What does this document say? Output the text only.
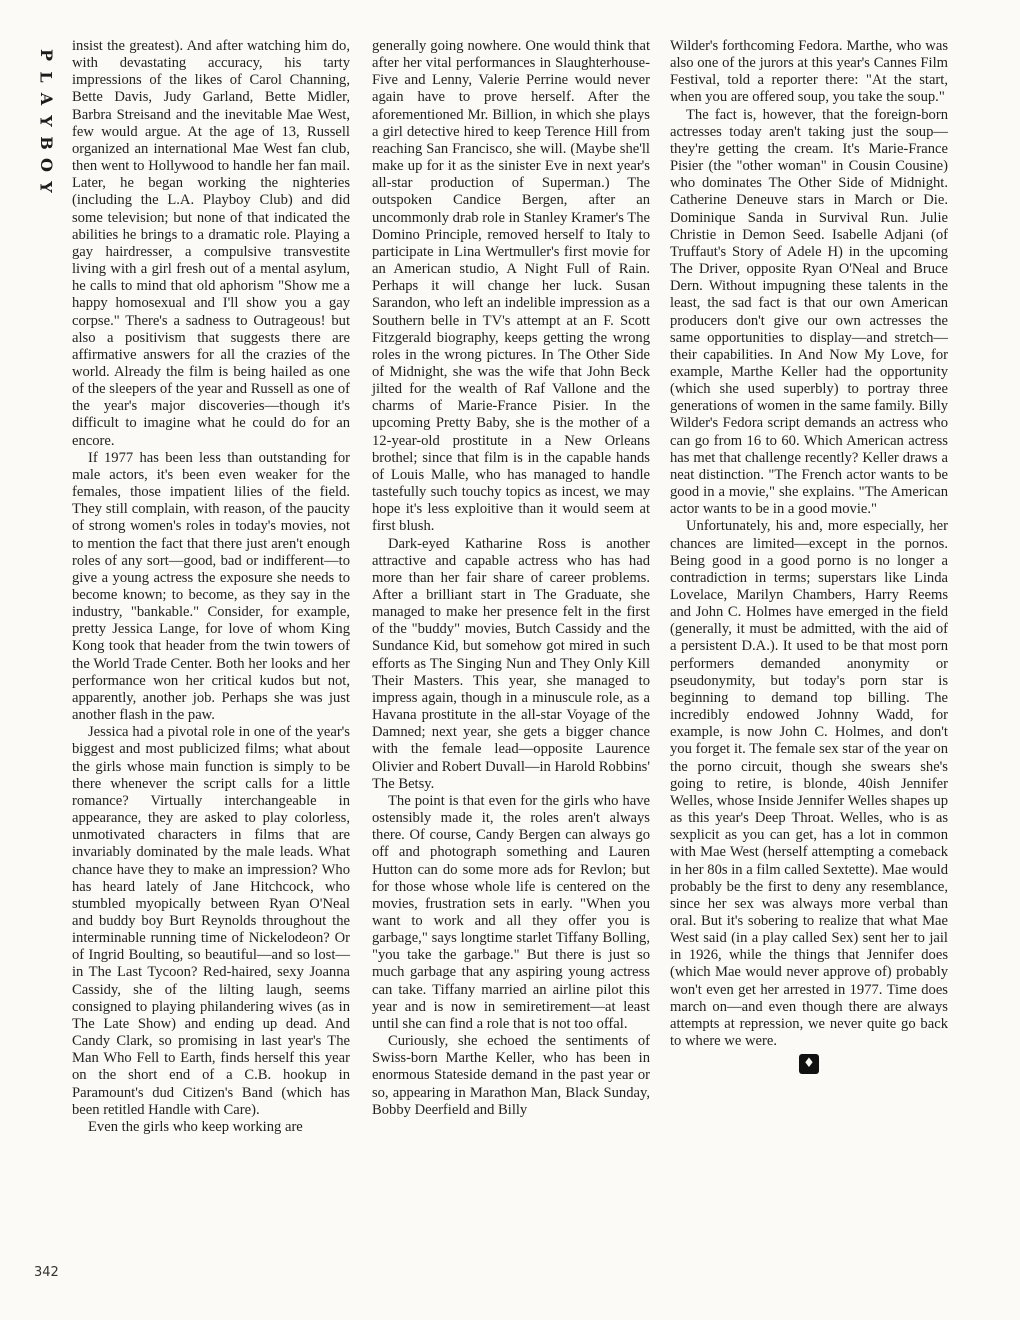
P
L
A
Y
B
O
Y

insist the greatest). And after watching him do, with devastating accuracy, his tarty impressions of the likes of Carol Channing, Bette Davis, Judy Garland, Bette Midler, Barbra Streisand and the inevitable Mae West, few would argue. At the age of 13, Russell organized an international Mae West fan club, then went to Hollywood to handle her fan mail. Later, he began working the nighteries (including the L.A. Playboy Club) and did some television; but none of that indicated the abilities he brings to a dramatic role. Playing a gay hairdresser, a compulsive transvestite living with a girl fresh out of a mental asylum, he calls to mind that old aphorism "Show me a happy homosexual and I'll show you a gay corpse." There's a sadness to Outrageous! but also a positivism that suggests there are affirmative answers for all the crazies of the world. Already the film is being hailed as one of the sleepers of the year and Russell as one of the year's major discoveries—though it's difficult to imagine what he could do for an encore.

If 1977 has been less than outstanding for male actors, it's been even weaker for the females, those impatient lilies of the field. They still complain, with reason, of the paucity of strong women's roles in today's movies, not to mention the fact that there just aren't enough roles of any sort—good, bad or indifferent—to give a young actress the exposure she needs to become known; to become, as they say in the industry, "bankable." Consider, for example, pretty Jessica Lange, for love of whom King Kong took that header from the twin towers of the World Trade Center. Both her looks and her performance won her critical kudos but not, apparently, another job. Perhaps she was just another flash in the paw.

Jessica had a pivotal role in one of the year's biggest and most publicized films; what about the girls whose main function is simply to be there whenever the script calls for a little romance? Virtually interchangeable in appearance, they are asked to play colorless, unmotivated characters in films that are invariably dominated by the male leads. What chance have they to make an impression? Who has heard lately of Jane Hitchcock, who stumbled myopically between Ryan O'Neal and buddy boy Burt Reynolds throughout the interminable running time of Nickelodeon? Or of Ingrid Boulting, so beautiful—and so lost—in The Last Tycoon? Red-haired, sexy Joanna Cassidy, she of the lilting laugh, seems consigned to playing philandering wives (as in The Late Show) and ending up dead. And Candy Clark, so promising in last year's The Man Who Fell to Earth, finds herself this year on the short end of a C.B. hookup in Paramount's dud Citizen's Band (which has been retitled Handle with Care).

Even the girls who keep working are

generally going nowhere. One would think that after her vital performances in Slaughterhouse-Five and Lenny, Valerie Perrine would never again have to prove herself. After the aforementioned Mr. Billion, in which she plays a girl detective hired to keep Terence Hill from reaching San Francisco, she will. (Maybe she'll make up for it as the sinister Eve in next year's all-star production of Superman.) The outspoken Candice Bergen, after an uncommonly drab role in Stanley Kramer's The Domino Principle, removed herself to Italy to participate in Lina Wertmuller's first movie for an American studio, A Night Full of Rain. Perhaps it will change her luck. Susan Sarandon, who left an indelible impression as a Southern belle in TV's attempt at an F. Scott Fitzgerald biography, keeps getting the wrong roles in the wrong pictures. In The Other Side of Midnight, she was the wife that John Beck jilted for the wealth of Raf Vallone and the charms of Marie-France Pisier. In the upcoming Pretty Baby, she is the mother of a 12-year-old prostitute in a New Orleans brothel; since that film is in the capable hands of Louis Malle, who has managed to handle tastefully such touchy topics as incest, we may hope it's less exploitive than it would seem at first blush.

Dark-eyed Katharine Ross is another attractive and capable actress who has had more than her fair share of career problems. After a brilliant start in The Graduate, she managed to make her presence felt in the first of the "buddy" movies, Butch Cassidy and the Sundance Kid, but somehow got mired in such efforts as The Singing Nun and They Only Kill Their Masters. This year, she managed to impress again, though in a minuscule role, as a Havana prostitute in the all-star Voyage of the Damned; next year, she gets a bigger chance with the female lead—opposite Laurence Olivier and Robert Duvall—in Harold Robbins' The Betsy.

The point is that even for the girls who have ostensibly made it, the roles aren't always there. Of course, Candy Bergen can always go off and photograph something and Lauren Hutton can do some more ads for Revlon; but for those whose whole life is centered on the movies, frustration sets in early. "When you want to work and all they offer you is garbage," says longtime starlet Tiffany Bolling, "you take the garbage." But there is just so much garbage that any aspiring young actress can take. Tiffany married an airline pilot this year and is now in semiretirement—at least until she can find a role that is not too offal.

Curiously, she echoed the sentiments of Swiss-born Marthe Keller, who has been in enormous Stateside demand in the past year or so, appearing in Marathon Man, Black Sunday, Bobby Deerfield and Billy

Wilder's forthcoming Fedora. Marthe, who was also one of the jurors at this year's Cannes Film Festival, told a reporter there: "At the start, when you are offered soup, you take the soup."

The fact is, however, that the foreign-born actresses today aren't taking just the soup—they're getting the cream. It's Marie-France Pisier (the "other woman" in Cousin Cousine) who dominates The Other Side of Midnight. Catherine Deneuve stars in March or Die. Dominique Sanda in Survival Run. Julie Christie in Demon Seed. Isabelle Adjani (of Truffaut's Story of Adele H) in the upcoming The Driver, opposite Ryan O'Neal and Bruce Dern. Without impugning these talents in the least, the sad fact is that our own American producers don't give our own actresses the same opportunities to display—and stretch—their capabilities. In And Now My Love, for example, Marthe Keller had the opportunity (which she used superbly) to portray three generations of women in the same family. Billy Wilder's Fedora script demands an actress who can go from 16 to 60. Which American actress has met that challenge recently? Keller draws a neat distinction. "The French actor wants to be good in a movie," she explains. "The American actor wants to be in a good movie."

Unfortunately, his and, more especially, her chances are limited—except in the pornos. Being good in a good porno is no longer a contradiction in terms; superstars like Linda Lovelace, Marilyn Chambers, Harry Reems and John C. Holmes have emerged in the field (generally, it must be admitted, with the aid of a persistent D.A.). It used to be that most porn performers demanded anonymity or pseudonymity, but today's porn star is beginning to demand top billing. The incredibly endowed Johnny Wadd, for example, is now John C. Holmes, and don't you forget it. The female sex star of the year on the porno circuit, though she swears she's going to retire, is blonde, 40ish Jennifer Welles, whose Inside Jennifer Welles shapes up as this year's Deep Throat. Welles, who is as sexplicit as you can get, has a lot in common with Mae West (herself attempting a comeback in her 80s in a film called Sextette). Mae would probably be the first to deny any resemblance, since her sex was always more verbal than oral. But it's sobering to realize that what Mae West said (in a play called Sex) sent her to jail in 1926, while the things that Jennifer does (which Mae would never approve of) probably won't even get her arrested in 1977. Time does march on—and even though there are always attempts at repression, we never quite go back to where we were.

♦
342
